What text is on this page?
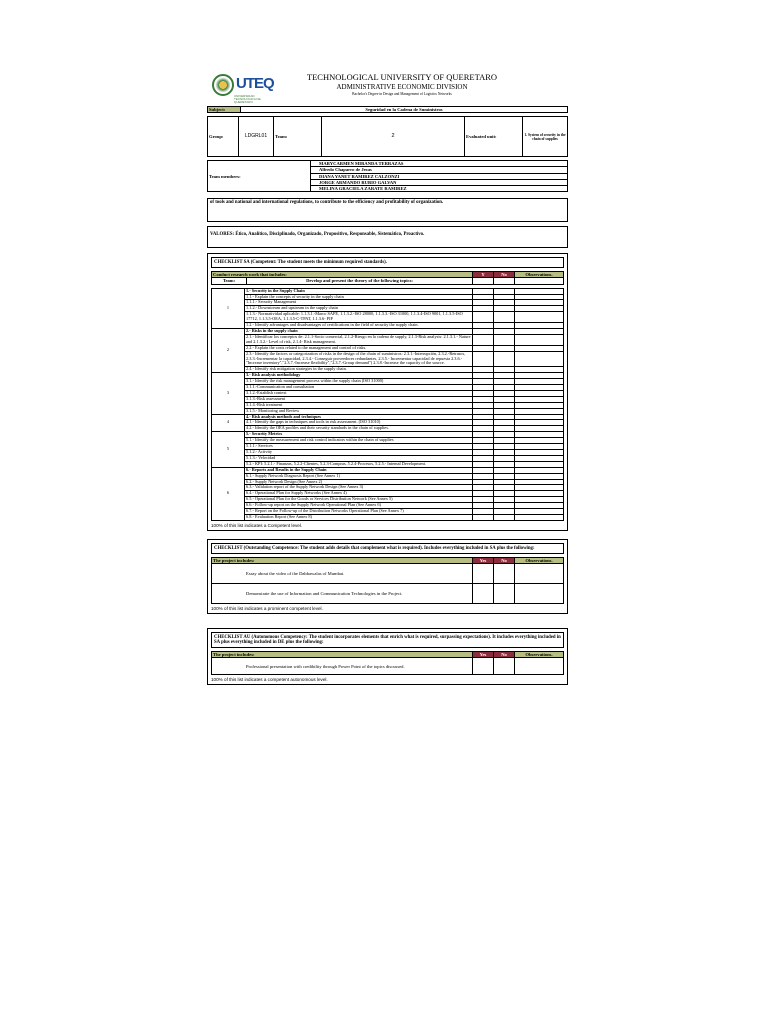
UTEQ
UNIVERSIDAD TECNOLOGICA DE QUERETARO
TECHNOLOGICAL UNIVERSITY OF QUERETARO
ADMINISTRATIVE ECONOMIC DIVISION
Bachelor's Degree in Design and Management of Logistics Networks
Subject:	Seguridad en la Cadena de Suministros
Group:	LDGRL01	Team:	2	Evaluated unit:	1. System of security in the chain of supplies
Team members:	MARYCARMEN MIRANDA TERRAZAS
Alfredo Chaparro de Jesus
DIANA YANET RAMIREZ CALZONZI
JORGE ARMANDO RUBIO GALVAN
MELINA GRACIELA ZARATE RAMIREZ
of tools and national and international regulations, to contribute to the efficiency and profitability of organization.
VALORES: Ético, Analítico, Disciplinado, Organizado, Propositivo, Responsable, Sistemático, Proactivo.
CHECKLIST SA (Competent: The student meets the minimum required standards).
Conduct research work that includes:	Y	No	Observations.

Team:	Develop and present the theory of the following topics:

1	1.- Security in the Supply Chain			
	1.1.- Explain the concepts of security in the supply chain			
	1.1.1.- Security Management			
	1.1.2.- Downstream and upstream in the supply chain			
	1.1.3.- Normatividad aplicable: 1.1.3.1.-Marco SAFE, 1.1.3.2.-ISO 28000, 1.1.3.3.-ISO 31000, 1.1.3.4-ISO 9001, 1.1.3.5-ISO 17712, 1.1.3.5-OEA, 1.1.3.5-C-TPAT, 1.1.3.6- PIP			
	1.2.- Identify advantages and disadvantages of certifications in the field of security the supply chain.			
2	2.- Risks in the supply chain			
	2.1.- Identificar los conceptos de: 2.1.1-Socio comercial, 2.1.2-Riesgo en la cadena de supply, 2.1.3-Risk analysis: 2.1.3.1.- Nature and 2.1.3.2.- Level of risk, 2.1.4- Risk management.			
	2.2.- Explain the costs related to the management and control of risks.			
	2.3.- Identify the factors or categorization of risks in the design of the chain of suministros: 2.3.1.-Interrupción, 2.3.2.-Retrasos, 2.3.3.-Incrementar la capacidad, 2.3.4.- Conseguir proveedores redundantes, 2.3.5.- Incrementar capacidad de repuesta 2.3.6.- "Increase inventory","2.3.7.-Increase flexibility","2.3.7.-Group demand") 2.3.8.-Increase the capacity of the source.			
	2.4.- Identify risk mitigation strategies in the supply chain.			
3	3.- Risk analysis methodology			
	3.1.- Identify the risk management process within the supply chain (ISO 31000)			
	3.1.1.-Communication and consultation			
	3.1.2.-Establish context			
	3.1.3.-Risk assessment			
	3.1.4.-Risk treatment			
	3.1.5.- Monitoring and Review			
4	4.- Risk analysis methods and techniques			
	4.1.- Identify the gaps in techniques and tools in risk assessment. (ISO 31010)			
	4.2.- Identify the OEA profiles and their security standards in the chain of supplies.			
5	5.- Security Metrics			
	5.1.- Identify the measurement and risk control indicators within the chain of supplies			
	5.1.1.- Services			
	5.1.2.- Activity			
	5.1.3.- Velocidad			
	5.2.- KPI: 5.2.1.- Finanzas, 5.2.2-Clientes, 5.2.3-Compras, 5.2.4-Procesos, 5.2.5.- Internal Development.			
6	6.- Reports and Results in the Supply Chain			
	6.1.- Supply Network Diagnosis Report (See Annex 1)			
	6.2.- Supply Network Design (See Annex 2)			
	6.3.- Validation report of the Supply Network Design (See Annex 3)			
	6.4.- Operational Plan for Supply Networks (See Annex 4)			
	6.5.- Operational Plan for the Goods or Services Distribution Network (See Annex 5)			
	6.6.- Follow-up report on the Supply Network Operational Plan (See Annex 6)			
	6.7.- Report on the Follow-up of the Distribution Networks Operational Plan (See Annex 7)			
	6.8.- Evaluation Report (See Annex 8)			
100% of this list indicates a Competent level.
CHECKLIST (Outstanding Competence: The student adds details that complement what is required). Includes everything included in SA plus the following:
The project includes:	Yes	No	Observations.
Essay about the video of the Dabbawalas of Mumbai.			
Demonstrate the use of Information and Communication Technologies in the Project.			
100% of this list indicates a prominent competent level.
CHECKLIST AU (Autonomous Competency: The student incorporates elements that enrich what is required, surpassing expectations). It includes everything included in SA plus everything included in DE plus the following:
The project includes:	Yes	No	Observations.
Professional presentation with credibility through Power Point of the topics discussed.			
100% of this list indicates a competent autonomous level.
